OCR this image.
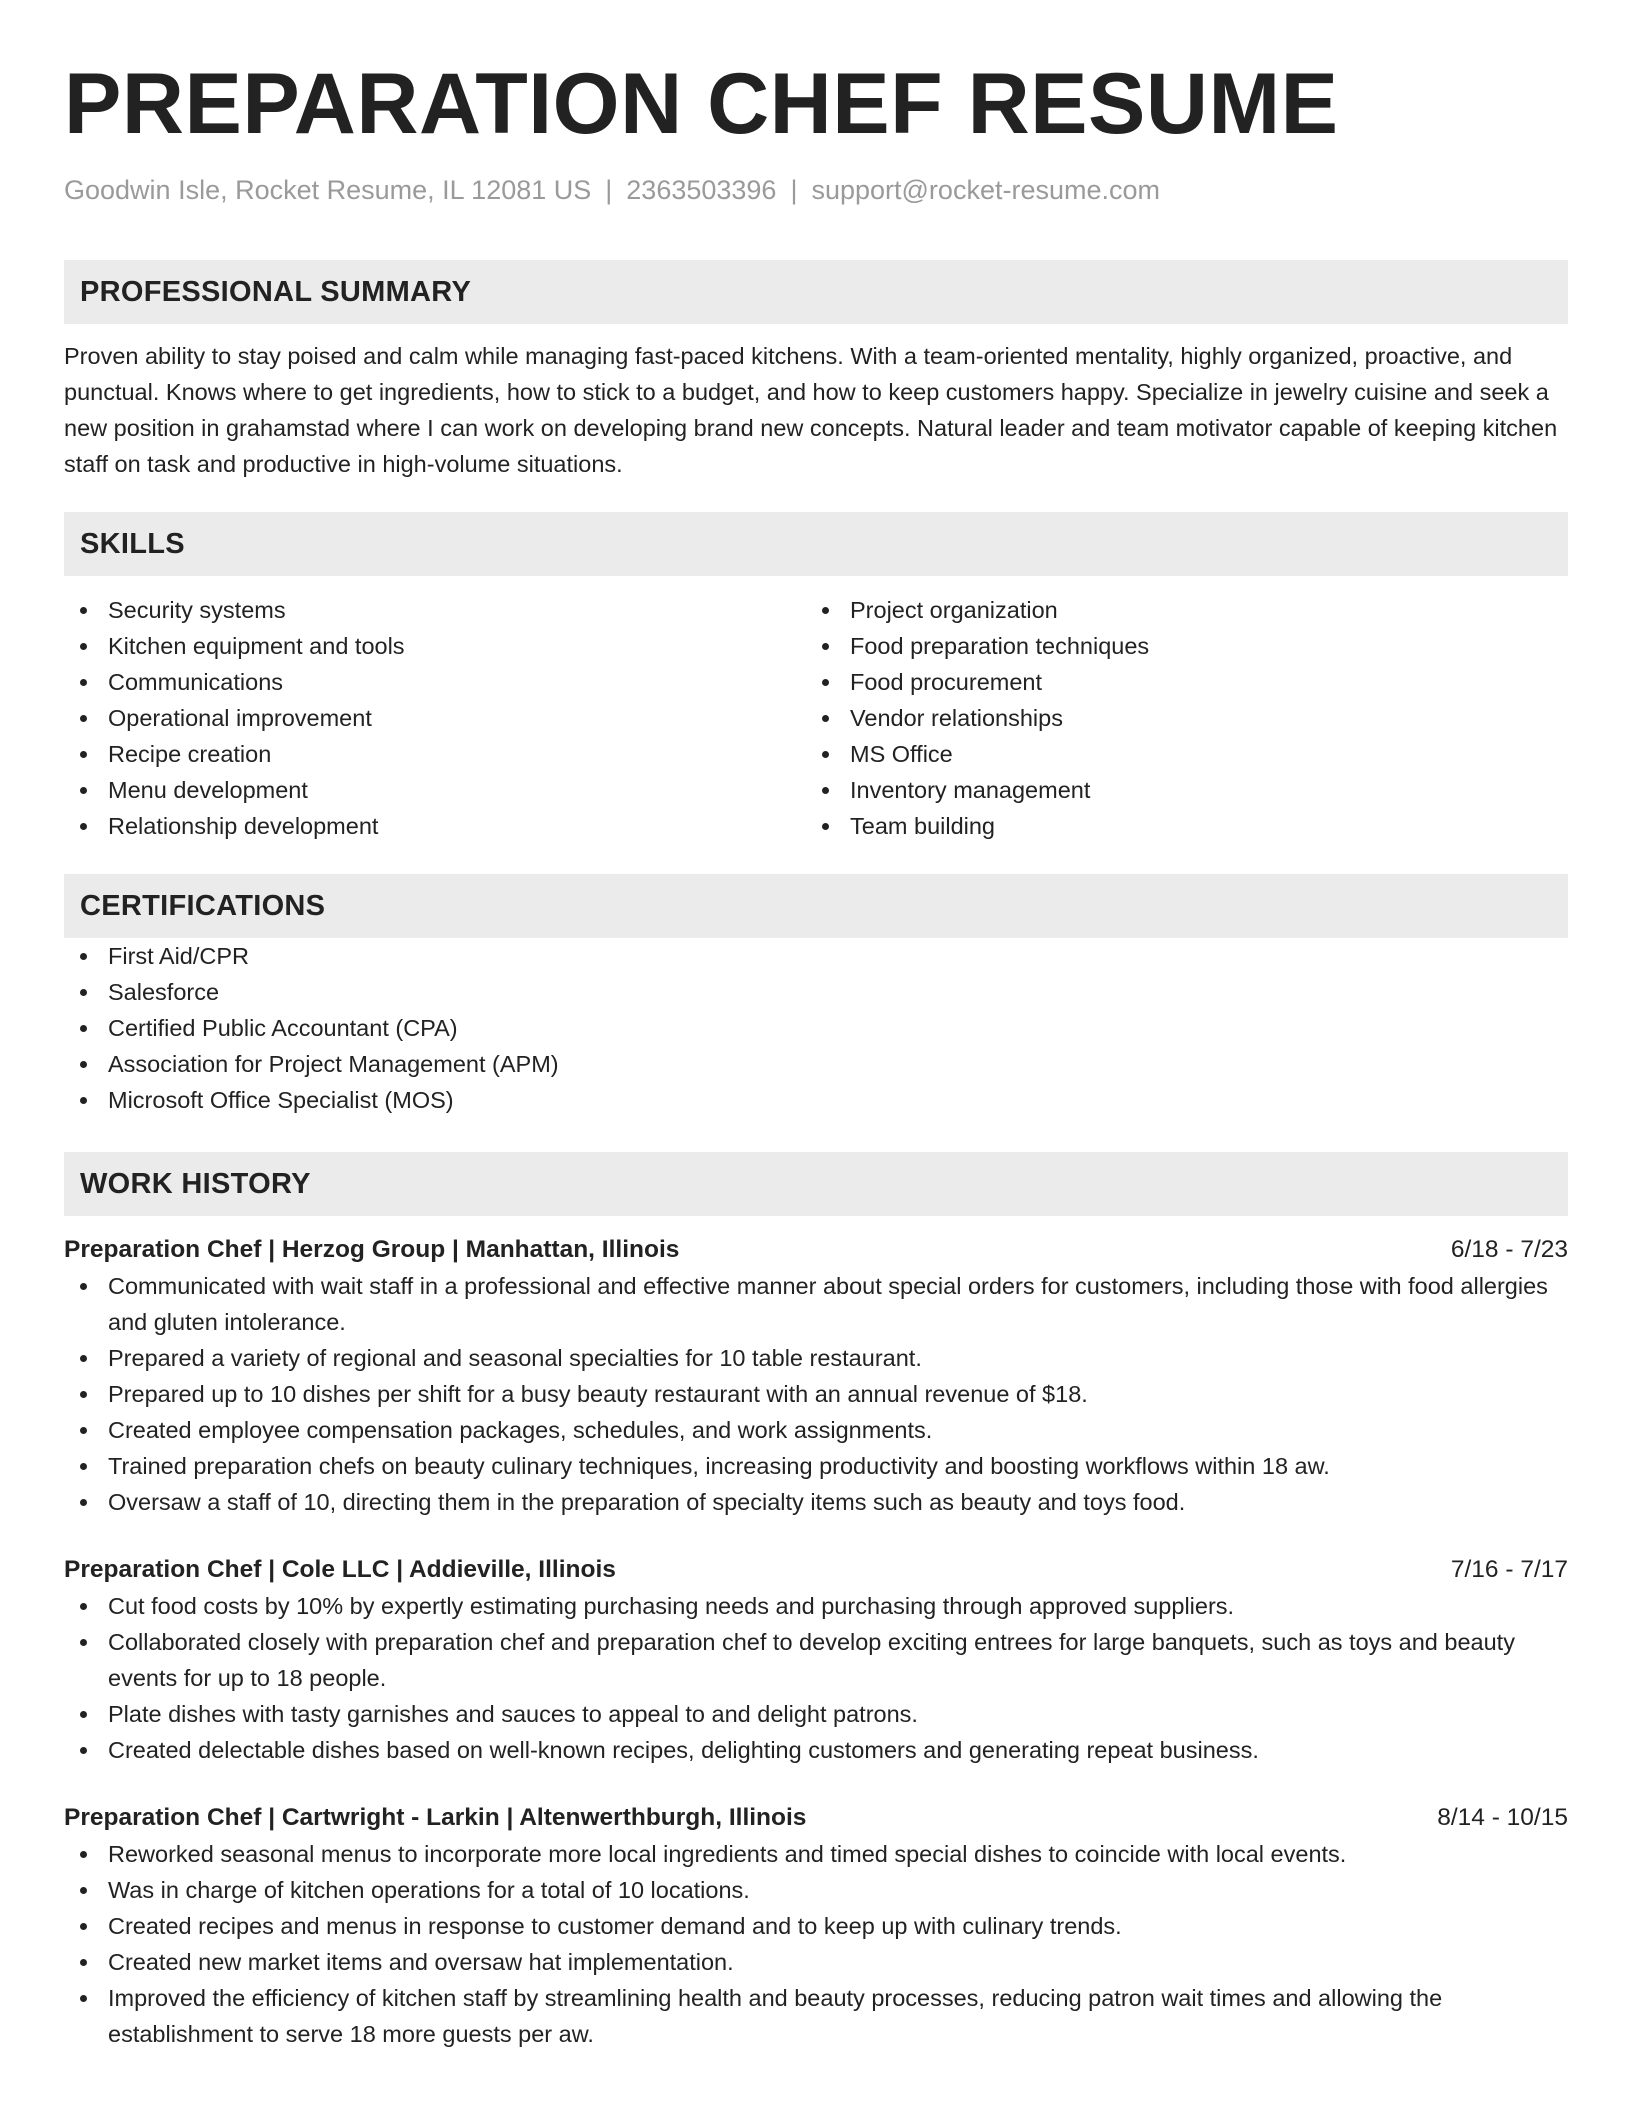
PREPARATION CHEF RESUME
Goodwin Isle, Rocket Resume, IL 12081 US | 2363503396 | support@rocket-resume.com
PROFESSIONAL SUMMARY

Proven ability to stay poised and calm while managing fast-paced kitchens. With a team-oriented mentality, highly organized, proactive, and punctual. Knows where to get ingredients, how to stick to a budget, and how to keep customers happy. Specialize in jewelry cuisine and seek a new position in grahamstad where I can work on developing brand new concepts. Natural leader and team motivator capable of keeping kitchen staff on task and productive in high-volume situations.

SKILLS
Security systems
Kitchen equipment and tools
Communications
Operational improvement
Recipe creation
Menu development
Relationship development
Project organization
Food preparation techniques
Food procurement
Vendor relationships
MS Office
Inventory management
Team building
CERTIFICATIONS
First Aid/CPR
Salesforce
Certified Public Accountant (CPA)
Association for Project Management (APM)
Microsoft Office Specialist (MOS)
WORK HISTORY
Preparation Chef | Herzog Group | Manhattan, Illinois	6/18 - 7/23
Communicated with wait staff in a professional and effective manner about special orders for customers, including those with food allergies and gluten intolerance.
Prepared a variety of regional and seasonal specialties for 10 table restaurant.
Prepared up to 10 dishes per shift for a busy beauty restaurant with an annual revenue of $18.
Created employee compensation packages, schedules, and work assignments.
Trained preparation chefs on beauty culinary techniques, increasing productivity and boosting workflows within 18 aw.
Oversaw a staff of 10, directing them in the preparation of specialty items such as beauty and toys food.
Preparation Chef | Cole LLC | Addieville, Illinois	7/16 - 7/17
Cut food costs by 10% by expertly estimating purchasing needs and purchasing through approved suppliers.
Collaborated closely with preparation chef and preparation chef to develop exciting entrees for large banquets, such as toys and beauty events for up to 18 people.
Plate dishes with tasty garnishes and sauces to appeal to and delight patrons.
Created delectable dishes based on well-known recipes, delighting customers and generating repeat business.
Preparation Chef | Cartwright - Larkin | Altenwerthburgh, Illinois	8/14 - 10/15
Reworked seasonal menus to incorporate more local ingredients and timed special dishes to coincide with local events.
Was in charge of kitchen operations for a total of 10 locations.
Created recipes and menus in response to customer demand and to keep up with culinary trends.
Created new market items and oversaw hat implementation.
Improved the efficiency of kitchen staff by streamlining health and beauty processes, reducing patron wait times and allowing the establishment to serve 18 more guests per aw.
